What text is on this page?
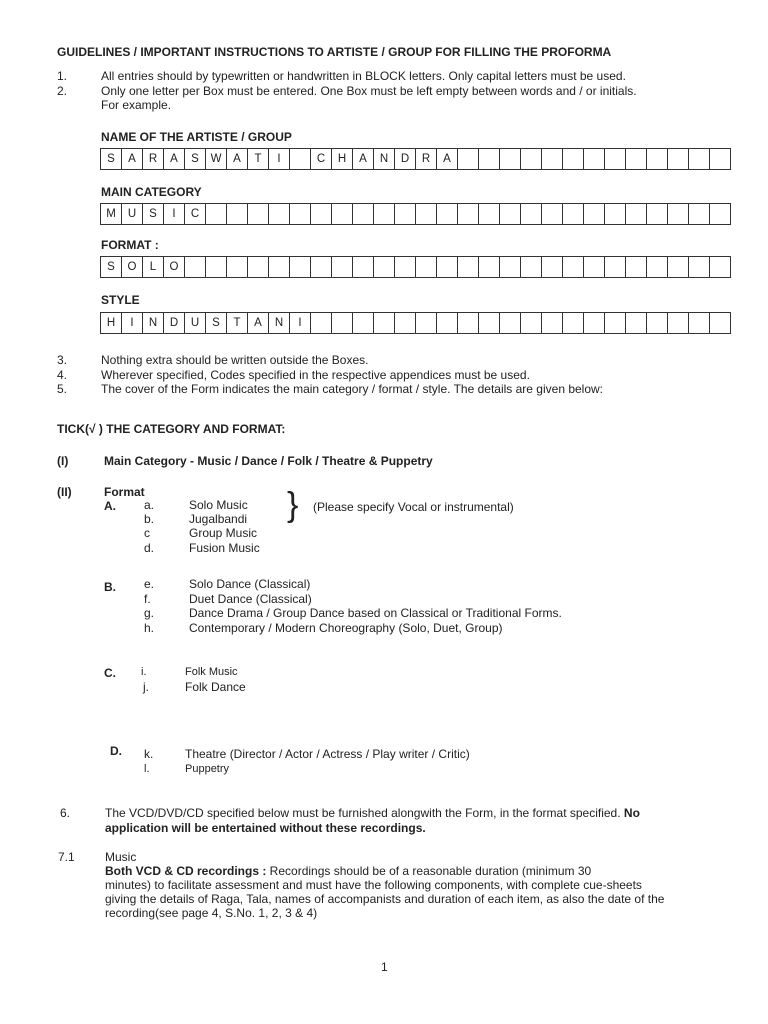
GUIDELINES / IMPORTANT INSTRUCTIONS TO ARTISTE / GROUP FOR FILLING THE PROFORMA
1.	All entries should by typewritten or handwritten in BLOCK letters. Only capital letters must be used.
2.	Only one letter per Box must be entered. One Box must be left empty between words and / or initials.
For example.
NAME OF THE ARTISTE / GROUP
S	A	R	A	S	W	A	T	I	C	H	A	N	D	R	A
MAIN CATEGORY
M	U	S	I	C
FORMAT :
S	O	L	O
STYLE
H	I	N	D	U	S	T	A	N	I
3.	Nothing extra should be written outside the Boxes.
4.	Wherever specified, Codes specified in the respective appendices must be used.
5.	The cover of the Form indicates the main category / format / style. The details are given below:
TICK(√ ) THE CATEGORY AND FORMAT:
(I)	Main Category - Music / Dance / Folk / Theatre & Puppetry
(II)	Format
A. a.	Solo Music
b.	Jugalbandi
c	Group Music
d.	Fusion Music
} (Please specify Vocal or instrumental)
B. e.	Solo Dance (Classical)
f.	Duet Dance (Classical)
g.	Dance Drama / Group Dance based on Classical or Traditional Forms.
h.	Contemporary / Modern Choreography (Solo, Duet, Group)
C. i.	Folk Music
j.	Folk Dance
D. k.	Theatre (Director / Actor / Actress / Play writer / Critic)
l.	Puppetry
6.	The VCD/DVD/CD specified below must be furnished alongwith the Form, in the format specified. No
application will be entertained without these recordings.
7.1	Music
Both VCD & CD recordings : Recordings should be of a reasonable duration (minimum 30
minutes) to facilitate assessment and must have the following components, with complete cue-sheets
giving the details of Raga, Tala, names of accompanists and duration of each item, as also the date of the
recording(see page 4, S.No. 1, 2, 3 & 4)
1
